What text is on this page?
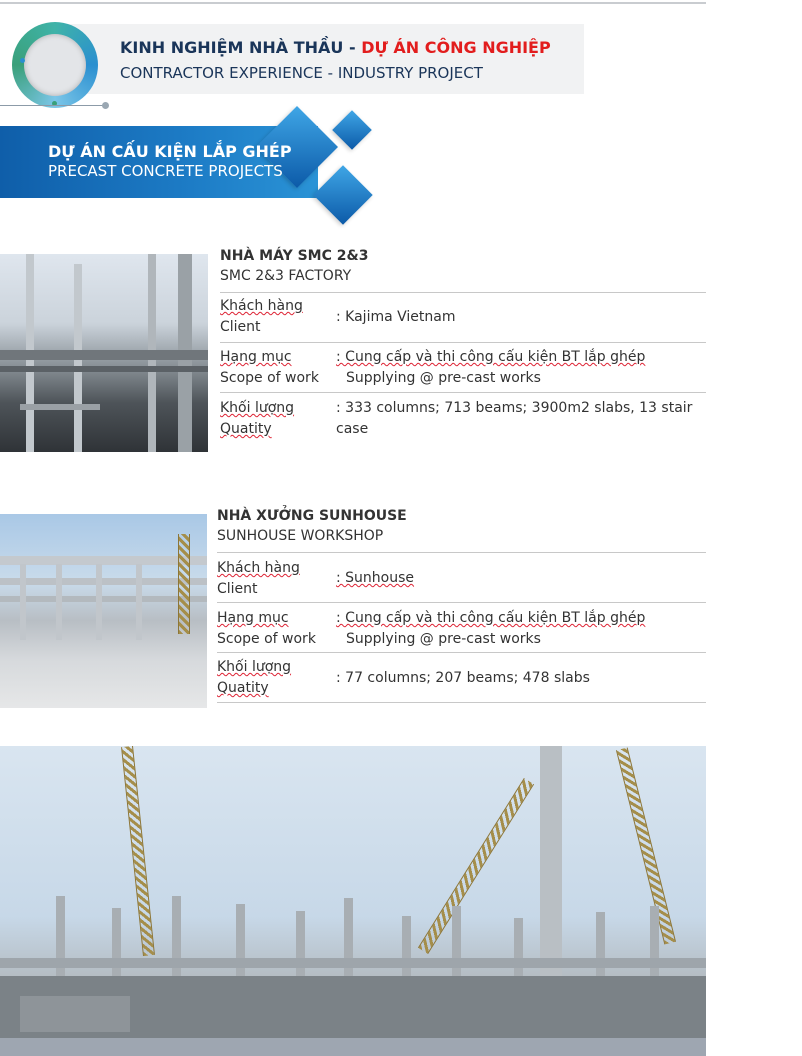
KINH NGHIỆM NHÀ THẦU - DỰ ÁN CÔNG NGHIỆP
CONTRACTOR EXPERIENCE - INDUSTRY PROJECT
DỰ ÁN CẤU KIỆN LẮP GHÉP
PRECAST CONCRETE PROJECTS
NHÀ MÁY SMC 2&3
SMC 2&3 FACTORY
Khách hàng
Client
: Kajima Vietnam
Hạng mục
Scope of work
: Cung cấp và thi công cấu kiện BT lắp ghép
Supplying @ pre-cast works
Khối lượng
Quatity
: 333 columns; 713 beams; 3900m2 slabs, 13 stair
case
NHÀ XƯỞNG SUNHOUSE
SUNHOUSE WORKSHOP
Khách hàng
Client
: Sunhouse
Hạng mục
Scope of work
: Cung cấp và thi công cấu kiện BT lắp ghép
Supplying @ pre-cast works
Khối lượng
Quatity
: 77 columns; 207 beams; 478 slabs
